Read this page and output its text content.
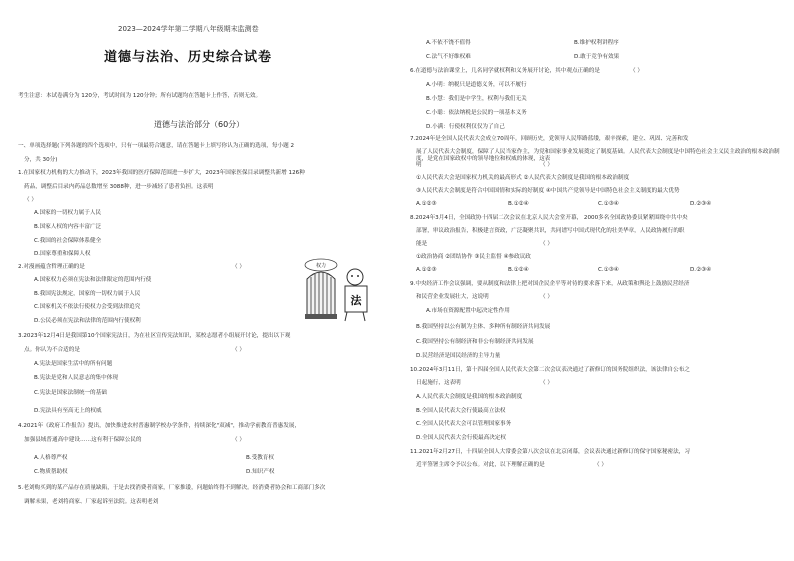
2023—2024学年第二学期八年级期末监测卷
道德与法治、历史综合试卷
考生注意：本试卷满分为 120分，考试时间为 120分钟；所有试题均在答题卡上作答，否则无效。
道德与法治部分（60分）
一、单项选择题(下列各题的四个选项中，只有一项最符合题意，请在答题卡上填写你认为正确的选项，每小题 2
分，共 30分)
1.在国家权力机构的大力推动下，2023年我国的医疗保障范围进一步扩大，2023年国家医保目录调整共新增 126种
药品，调整后目录内药品总数增至 3088种，进一步减轻了患者负担。这表明
（ ）
A.国家的一切权力属于人民
B.国家人权的内容丰富广泛
C.我国的社会保障体系健全
D.国家尊重和保障人权
2.对漫画蕴含哲理正确的是	（ ）
A.国家权力必须在宪法和法律限定的范围内行使
B.我国宪法规定，国家的一切权力属于人民
C.国家机关不依法行使权力会受到法律追究
D.公民必须在宪法和法律的范围内行使权利
3.2023年12月4日是我国第10个国家宪法日，为在社区宣传宪法知识，某校志愿者小组展开讨论，提出以下观
点。你认为不合适的是	（ ）
A.宪法是国家生活中的所有问题
B.宪法是党和人民意志的集中体现
C.宪法是国家法制统一的基础
D.宪法具有至高无上的权威
4.2021年《政府工作报告》提出，加快推进农村普惠制学校办学条件，持续深化"双减"，推动学前教育普惠发展，
加强县域普通高中建设……这有利于保障公民的	（ ）
A.人格尊严权	B.受教育权
C.物质帮助权	D.知识产权
5.老刘购买到的某产品存在质量缺陷，于是去找消费者商家，厂家推诿，问题始终得不到解决。经消费者协会和工商部门多次
调解未果，老刘将商家、厂家起诉至法院。这表明老刘
权力
法
A.不依不饶不值得	B.维护权利讲程序
C.法气不好维权难	D.敢于竞争有效果
6.在道德与法治课堂上，几名同学就权利和义务展开讨论，其中观点正确的是	（ ）
A.小明：纳税只是道德义务，可以不履行
B.小慧：我们是中学生，权利与我们无关
C.小聪：依法纳税是公民的一项基本义务
D.小满：行使权利仅仅为了自己
7.2024年是全国人民代表大会成立70周年。回顾历史，党领导人民筚路蓝缕，艰辛探索，建立、巩固、完善和发
展了人民代表大会制度，保障了人民当家作主，为党和国家事业发展奠定了制度基础。人民代表大会制度是中国特色社会主义民主政治的根本政治制度，是党在国家政权中的领导地位和权威的体现，这表
明	（ ）
①人民代表大会是国家权力机关的最高形式 ②人民代表大会制度是我国的根本政治制度
③人民代表大会制度是符合中国国情和实际的好制度 ④中国共产党领导是中国特色社会主义制度的最大优势
A.①②③	B.①②④	C.①③④	D.②③④
8.2024年3月4日，全国政协十四届二次会议在北京人民大会堂开幕， 2000多名全国政协委员紧紧围绕中共中央
部署，审议政治报告，积极建言资政，广泛凝聚共识，共同谱写中国式现代化的壮美华章，人民政协履行的职
能是	（ ）
①政治协商 ②团结协作 ③民主监督 ④参政议政
A.①②③	B.①②④	C.①③④	D.②③④
9.中央经济工作会议强调，要从制度和法律上把对国企民企平等对待的要求落下来，从政策和舆论上鼓励民营经济
和民营企业发展壮大，这说明	（ ）
A.市场在资源配置中起决定性作用
B.我国坚持以公有制为主体、多种所有制经济共同发展
C.我国坚持公有制经济和非公有制经济共同发展
D.民营经济是国民经济的主导力量
10.2024年3月11日，第十四届全国人民代表大会第二次会议表决通过了新修订的国务院组织法，该法律自公布之
日起施行，这表明	（ ）
A.人民代表大会制度是我国的根本政治制度
B.全国人民代表大会行使最高立法权
C.全国人民代表大会可以管理国家事务
D.全国人民代表大会行使最高决定权
11.2021年2月27日，十四届全国人大常委会第八次会议在北京闭幕，会议表决通过新修订的保守国家秘密法，习
近平签署主席令予以公布。对此，以下理解正确的是	（ ）
